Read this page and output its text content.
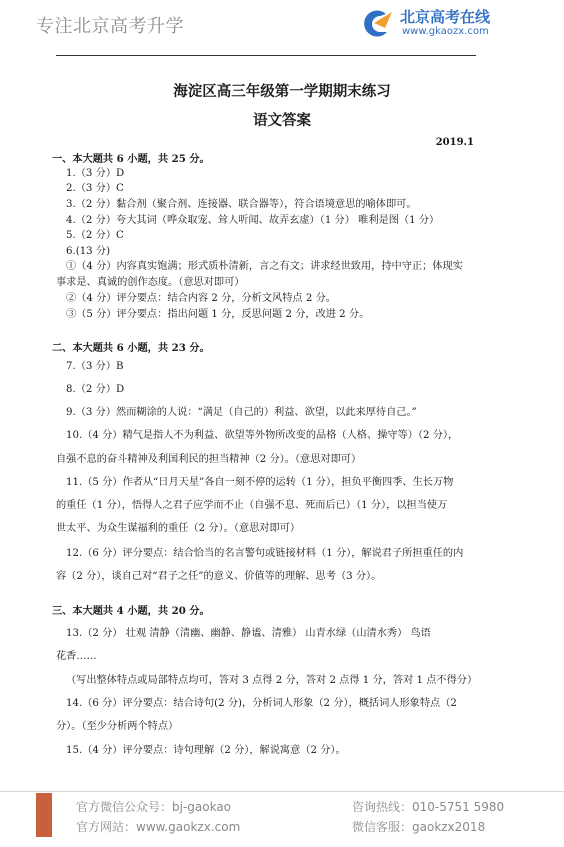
专注北京高考升学	北京高考在线
www.gkaozx.com
海淀区高三年级第一学期期末练习
语文答案
2019.1
一、本大题共 6 小题，共 25 分。
1.（3 分）D
2.（3 分）C
3.（2 分）黏合剂（聚合剂、连接器、联合器等），符合语境意思的喻体即可。
4.（2 分）夸大其词（哗众取宠、耸人听闻、故弄玄虚）（1 分） 唯利是图（1 分）
5.（2 分）C
6.(13 分)
①（4 分）内容真实饱满；形式质朴清新，言之有文；讲求经世致用，持中守正；体现实
事求是、真诚的创作态度。（意思对即可）
②（4 分）评分要点：结合内容 2 分，分析文风特点 2 分。
③（5 分）评分要点：指出问题 1 分，反思问题 2 分，改进 2 分。
二、本大题共 6 小题，共 23 分。
7.（3 分）B
8.（2 分）D
9.（3 分）然而糊涂的人说：“满足（自己的）利益、欲望，以此来厚待自己。”
10.（4 分）精气是指人不为利益、欲望等外物所改变的品格（人格、操守等）（2 分），
自强不息的奋斗精神及利国利民的担当精神（2 分）。（意思对即可）
11.（5 分）作者从“日月天星”各自一刻不停的运转（1 分），担负平衡四季、生长万物
的重任（1 分），悟得人之君子应学而不止（自强不息、死而后已）（1 分），以担当使万
世太平、为众生谋福利的重任（2 分）。（意思对即可）
12.（6 分）评分要点：结合恰当的名言警句或链接材料（1 分），解说君子所担重任的内
容（2 分），谈自己对“君子之任”的意义、价值等的理解、思考（3 分）。
三、本大题共 4 小题，共 20 分。
13.（2 分） 壮观 清静（清幽、幽静、静谧、清雅） 山青水绿（山清水秀） 鸟语
花香……
（写出整体特点或局部特点均可，答对 3 点得 2 分，答对 2 点得 1 分，答对 1 点不得分）
14.（6 分）评分要点：结合诗句(2 分)，分析词人形象（2 分），概括词人形象特点（2
分）。（至少分析两个特点）
15.（4 分）评分要点：诗句理解（2 分），解说寓意（2 分）。
官方微信公众号：bj-gaokao
官方网站：www.gaokzx.com
咨询热线：010-5751 5980
微信客服：gaokzx2018
